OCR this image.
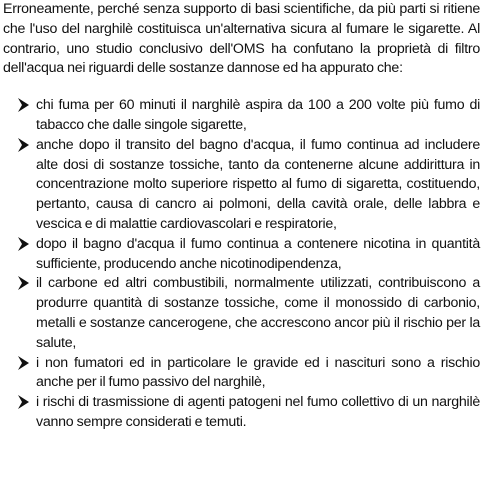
Erroneamente, perché senza supporto di basi scientifiche, da più parti si ritiene che l'uso del narghilè costituisca un'alternativa sicura al fumare le sigarette. Al contrario, uno studio conclusivo dell'OMS ha confutano la proprietà di filtro dell'acqua nei riguardi delle sostanze dannose ed ha appurato che:

chi fuma per 60 minuti il narghilè aspira da 100 a 200 volte più fumo di tabacco che dalle singole sigarette,
anche dopo il transito del bagno d'acqua, il fumo continua ad includere alte dosi di sostanze tossiche, tanto da contenerne alcune addirittura in concentrazione molto superiore rispetto al fumo di sigaretta, costituendo, pertanto, causa di cancro ai polmoni, della cavità orale, delle labbra e vescica e di malattie cardiovascolari e respiratorie,
dopo il bagno d'acqua il fumo continua a contenere nicotina in quantità sufficiente, producendo anche nicotinodipendenza,
il carbone ed altri combustibili, normalmente utilizzati, contribuiscono a produrre quantità di sostanze tossiche, come il monossido di carbonio, metalli e sostanze cancerogene, che accrescono ancor più il rischio per la salute,
i non fumatori ed in particolare le gravide ed i nascituri sono a rischio anche per il fumo passivo del narghilè,
i rischi di trasmissione di agenti patogeni nel fumo collettivo di un narghilè vanno sempre considerati e temuti.
